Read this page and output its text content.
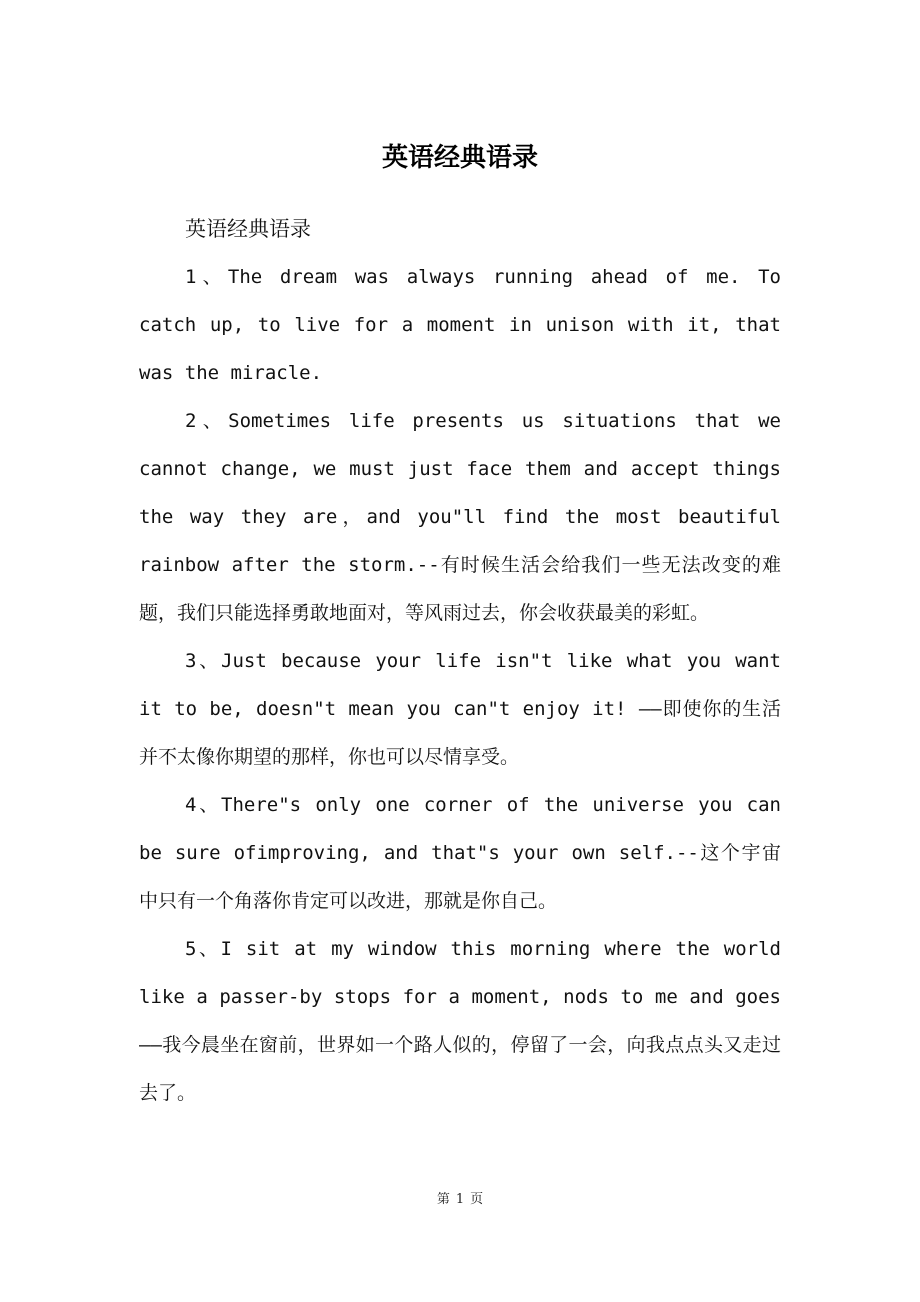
英语经典语录

英语经典语录

1、The dream was always running ahead of me. To catch up, to live for a moment in unison with it, that was the miracle.

2、Sometimes life presents us situations that we cannot change, we must just face them and accept things the way they are，and you"ll find the most beautiful rainbow after the storm.--有时候生活会给我们一些无法改变的难题，我们只能选择勇敢地面对，等风雨过去，你会收获最美的彩虹。

3、Just because your life isn"t like what you want it to be, doesn"t mean you can"t enjoy it! ——即使你的生活并不太像你期望的那样，你也可以尽情享受。

4、There"s only one corner of the universe you can be sure ofimproving, and that"s your own self.--这个宇宙中只有一个角落你肯定可以改进，那就是你自己。

5、I sit at my window this morning where the world like a passer-by stops for a moment, nods to me and goes——我今晨坐在窗前，世界如一个路人似的，停留了一会，向我点点头又走过去了。

第 1 页
